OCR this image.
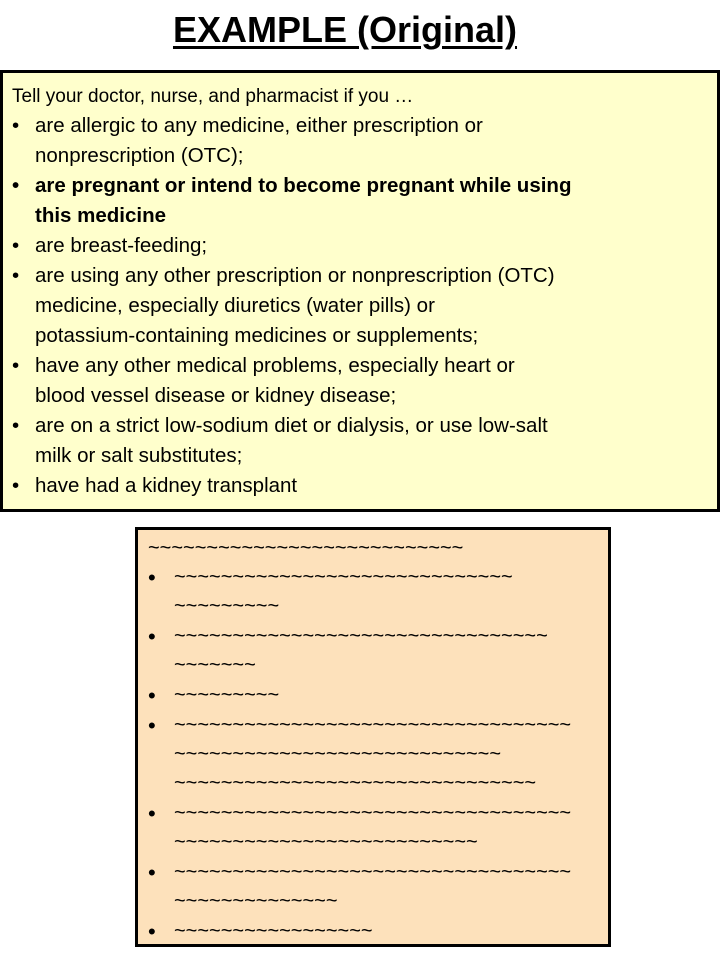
EXAMPLE (Original)
Tell your doctor, nurse, and pharmacist if you …
• are allergic to any medicine, either prescription or
nonprescription (OTC);
• are pregnant or intend to become pregnant while using
this medicine
• are breast-feeding;
• are using any other prescription or nonprescription (OTC)
medicine, especially diuretics (water pills) or
potassium-containing medicines or supplements;
• have any other medical problems, especially heart or
blood vessel disease or kidney disease;
• are on a strict low-sodium diet or dialysis, or use low-salt
milk or salt substitutes;
• have had a kidney transplant
~~~~~~~~~~~~~~~~~~~~~~~~~~~
• ~~~~~~~~~~~~~~~~~~~~~~~~~~~~~
~~~~~~~~~
• ~~~~~~~~~~~~~~~~~~~~~~~~~~~~~~~~
~~~~~~~
• ~~~~~~~~~
• ~~~~~~~~~~~~~~~~~~~~~~~~~~~~~~~~~~
~~~~~~~~~~~~~~~~~~~~~~~~~~~~
~~~~~~~~~~~~~~~~~~~~~~~~~~~~~~~
• ~~~~~~~~~~~~~~~~~~~~~~~~~~~~~~~~~~
~~~~~~~~~~~~~~~~~~~~~~~~~~
• ~~~~~~~~~~~~~~~~~~~~~~~~~~~~~~~~~~
~~~~~~~~~~~~~~
• ~~~~~~~~~~~~~~~~~
